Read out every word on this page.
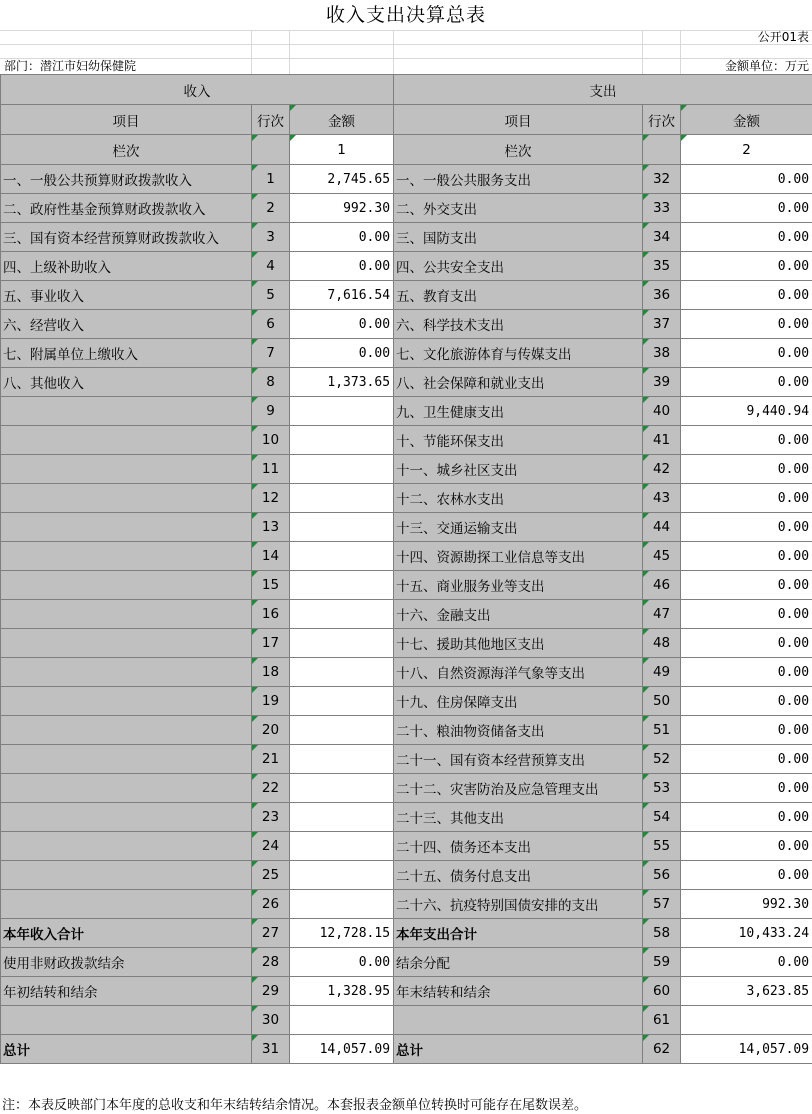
收入支出决算总表
公开01表
部门：潜江市妇幼保健院	金额单位：万元
收入			支出		
项目	行次	金额	项目	行次	金额
栏次		1	栏次		2
一、一般公共预算财政拨款收入	1	2,745.65	一、一般公共服务支出	32	0.00
二、政府性基金预算财政拨款收入	2	992.30	二、外交支出	33	0.00
三、国有资本经营预算财政拨款收入	3	0.00	三、国防支出	34	0.00
四、上级补助收入	4	0.00	四、公共安全支出	35	0.00
五、事业收入	5	7,616.54	五、教育支出	36	0.00
六、经营收入	6	0.00	六、科学技术支出	37	0.00
七、附属单位上缴收入	7	0.00	七、文化旅游体育与传媒支出	38	0.00
八、其他收入	8	1,373.65	八、社会保障和就业支出	39	0.00
	9		九、卫生健康支出	40	9,440.94
	10		十、节能环保支出	41	0.00
	11		十一、城乡社区支出	42	0.00
	12		十二、农林水支出	43	0.00
	13		十三、交通运输支出	44	0.00
	14		十四、资源勘探工业信息等支出	45	0.00
	15		十五、商业服务业等支出	46	0.00
	16		十六、金融支出	47	0.00
	17		十七、援助其他地区支出	48	0.00
	18		十八、自然资源海洋气象等支出	49	0.00
	19		十九、住房保障支出	50	0.00
	20		二十、粮油物资储备支出	51	0.00
	21		二十一、国有资本经营预算支出	52	0.00
	22		二十二、灾害防治及应急管理支出	53	0.00
	23		二十三、其他支出	54	0.00
	24		二十四、债务还本支出	55	0.00
	25		二十五、债务付息支出	56	0.00
	26		二十六、抗疫特别国债安排的支出	57	992.30
本年收入合计	27	12,728.15	本年支出合计	58	10,433.24
使用非财政拨款结余	28	0.00	结余分配	59	0.00
年初结转和结余	29	1,328.95	年末结转和结余	60	3,623.85
	30			61	
总计	31	14,057.09	总计	62	14,057.09
注：本表反映部门本年度的总收支和年末结转结余情况。本套报表金额单位转换时可能存在尾数误差。
